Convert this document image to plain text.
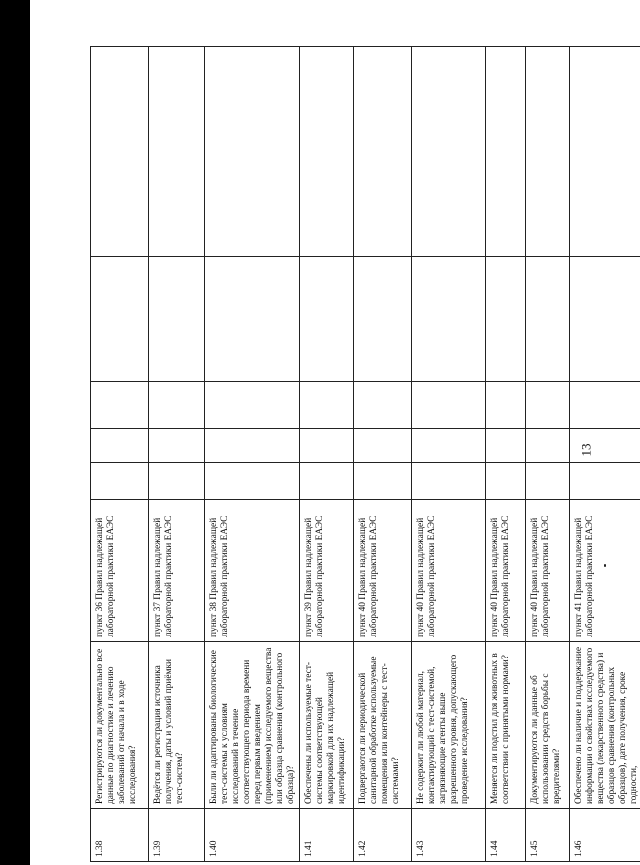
13
1.38	Регистрируются ли документально все данные по диагностике и лечению заболеваний от начала и в ходе исследования?	пункт 36 Правил надлежащей лабораторной практики ЕАЭС					
1.39	Ведётся ли регистрация источника получения, даты и условий приёмки тест-систем?	пункт 37 Правил надлежащей лабораторной практики ЕАЭС					
1.40	Были ли адаптированы биологические тест-системы к условиям исследований в течение соответствующего периода времени перед первым введением (применением) исследуемого вещества или образца сравнения (контрольного образца)?	пункт 38 Правил надлежащей лабораторной практики ЕАЭС					
1.41	Обеспечены ли используемые тест-системы соответствующей маркировкой для их надлежащей идентификации?	пункт 39 Правил надлежащей лабораторной практики ЕАЭС					
1.42	Подвергаются ли периодической санитарной обработке используемые помещения или контейнеры с тест-системами?	пункт 40 Правил надлежащей лабораторной практики ЕАЭС					
1.43	Не содержит ли любой материал, контактирующий с тест-системой, загрязняющие агенты выше разрешенного уровня, допускающего проведение исследования?	пункт 40 Правил надлежащей лабораторной практики ЕАЭС					
1.44	Меняется ли подстил для животных в соответствии с принятыми нормами?	пункт 40 Правил надлежащей лабораторной практики ЕАЭС					
1.45	Документируются ли данные об использовании средств борьбы с вредителями?	пункт 40 Правил надлежащей лабораторной практики ЕАЭС					
1.46	Обеспечено ли наличие и поддержание информации о свойствах исследуемого вещества (лекарственного средства) и образцов сравнения (контрольных образцов), дате получения, сроке годности,	пункт 41 Правил надлежащей лабораторной практики ЕАЭС					
